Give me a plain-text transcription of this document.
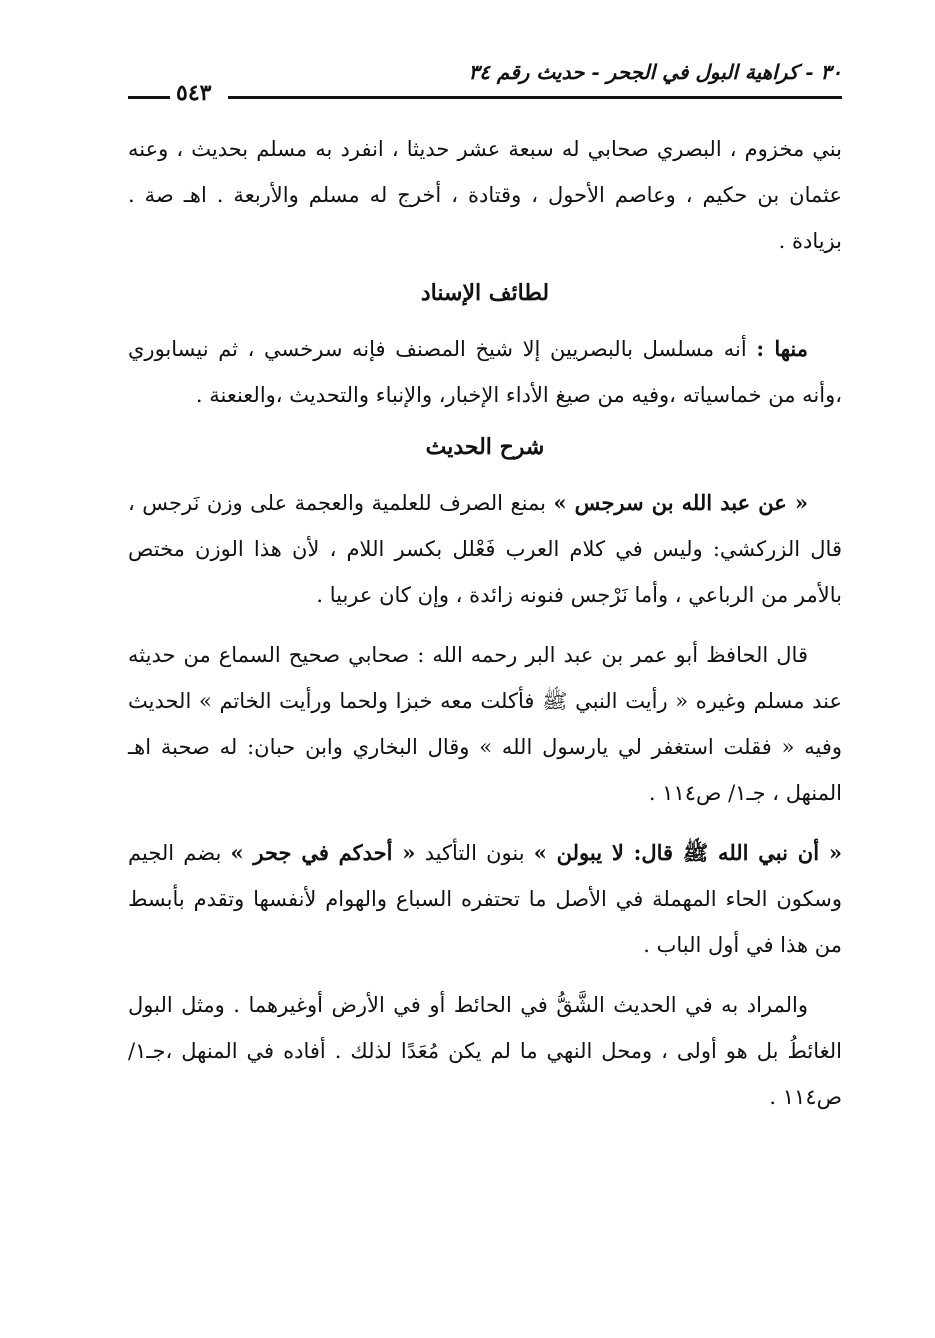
٣٠ - كراهية البول في الجحر - حديث رقم ٣٤
٥٤٣

بني مخزوم ، البصري صحابي له سبعة عشر حديثا ، انفرد به مسلم بحديث ، وعنه عثمان بن حكيم ، وعاصم الأحول ، وقتادة ، أخرج له مسلم والأربعة . اهـ صة . بزيادة .

لطائف الإسناد

منها : أنه مسلسل بالبصريين إلا شيخ المصنف فإنه سرخسي ، ثم نيسابوري ،وأنه من خماسياته ،وفيه من صيغ الأداء الإخبار، والإنباء والتحديث ،والعنعنة .

شرح الحديث

« عن عبد الله بن سرجس » بمنع الصرف للعلمية والعجمة على وزن نَرجس ، قال الزركشي: وليس في كلام العرب فَعْلل بكسر اللام ، لأن هذا الوزن مختص بالأمر من الرباعي ، وأما نَرْجس فنونه زائدة ، وإن كان عربيا .

قال الحافظ أبو عمر بن عبد البر رحمه الله : صحابي صحيح السماع من حديثه عند مسلم وغيره « رأيت النبي ﷺ فأكلت معه خبزا ولحما ورأيت الخاتم » الحديث وفيه « فقلت استغفر لي يارسول الله » وقال البخاري وابن حبان: له صحبة اهـ المنهل ، جـ١/ ص١١٤ .

« أن نبي الله ﷺ قال: لا يبولن » بنون التأكيد « أحدكم في جحر » بضم الجيم وسكون الحاء المهملة في الأصل ما تحتفره السباع والهوام لأنفسها وتقدم بأبسط من هذا في أول الباب .

والمراد به في الحديث الشَّقُّ في الحائط أو في الأرض أوغيرهما . ومثل البول الغائطُ بل هو أولى ، ومحل النهي ما لم يكن مُعَدًا لذلك . أفاده في المنهل ،جـ١/ ص١١٤ .
